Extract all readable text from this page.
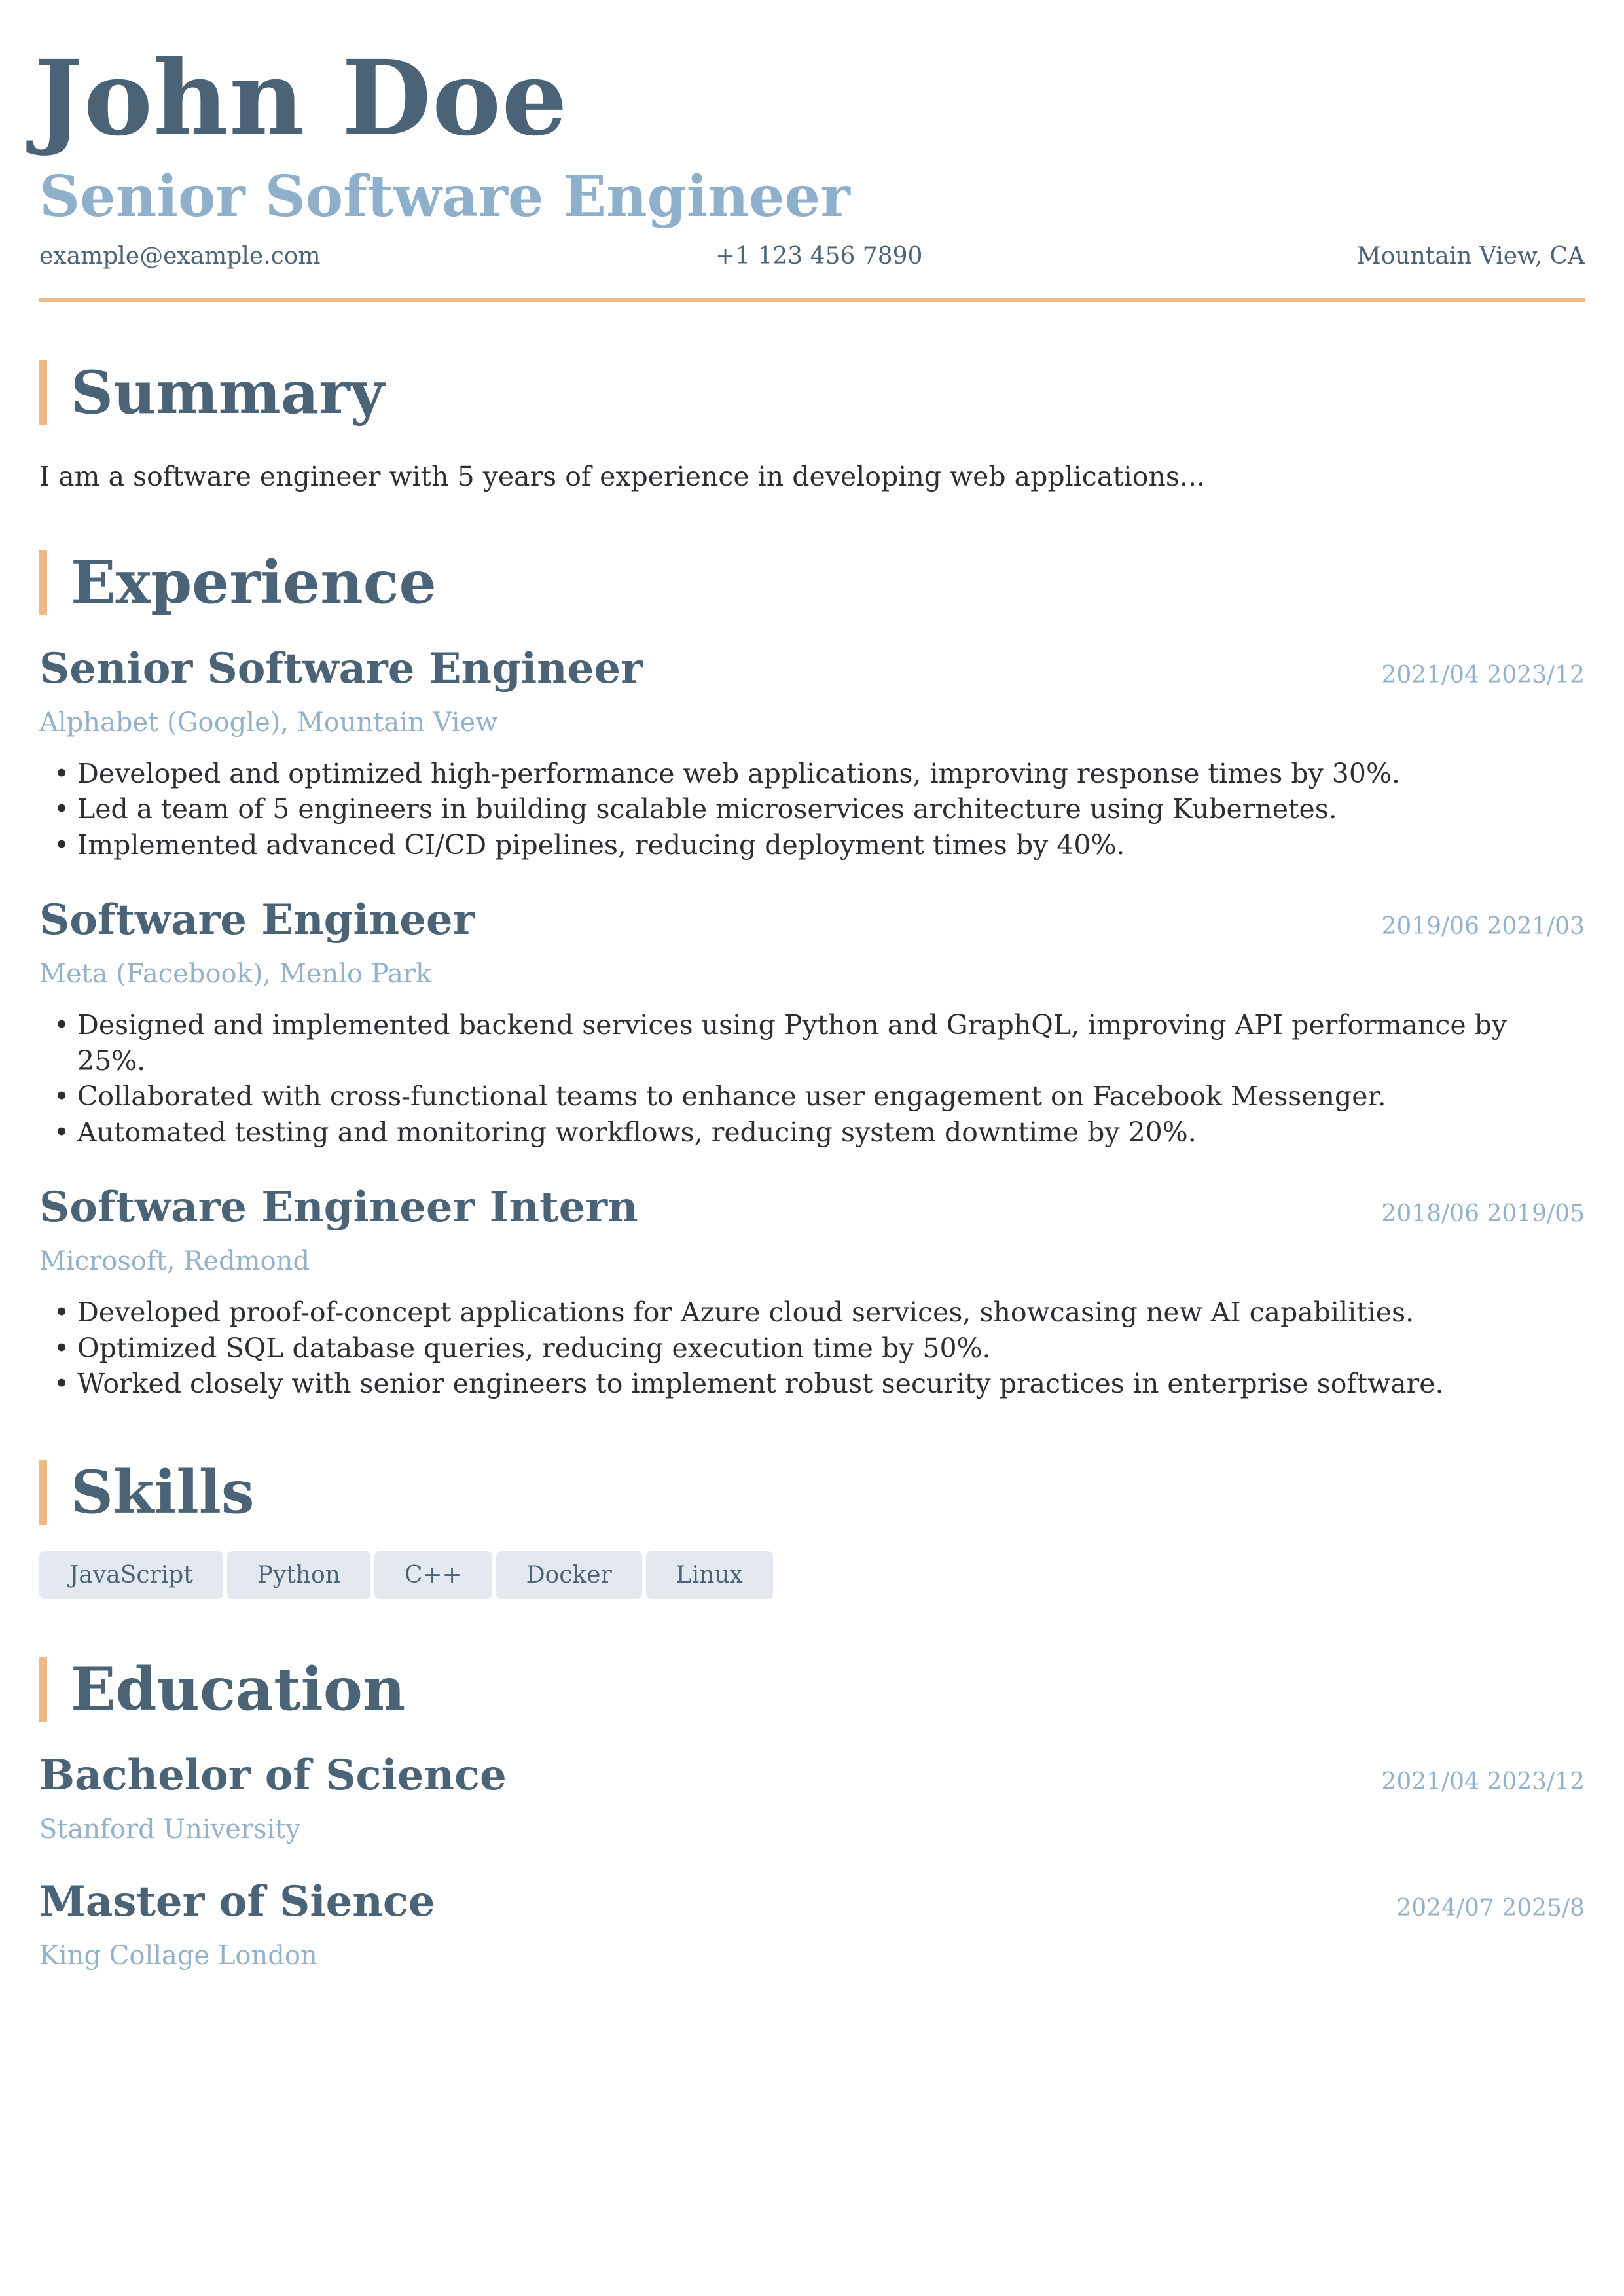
John Doe
Senior Software Engineer
example@example.com	+1 123 456 7890	Mountain View, CA
Summary
I am a software engineer with 5 years of experience in developing web applications...
Experience
Senior Software Engineer	2021/04 2023/12
Alphabet (Google), Mountain View
• Developed and optimized high-performance web applications, improving response times by 30%.
• Led a team of 5 engineers in building scalable microservices architecture using Kubernetes.
• Implemented advanced CI/CD pipelines, reducing deployment times by 40%.
Software Engineer	2019/06 2021/03
Meta (Facebook), Menlo Park
• Designed and implemented backend services using Python and GraphQL, improving API performance by 25%.
• Collaborated with cross-functional teams to enhance user engagement on Facebook Messenger.
• Automated testing and monitoring workflows, reducing system downtime by 20%.
Software Engineer Intern	2018/06 2019/05
Microsoft, Redmond
• Developed proof-of-concept applications for Azure cloud services, showcasing new AI capabilities.
• Optimized SQL database queries, reducing execution time by 50%.
• Worked closely with senior engineers to implement robust security practices in enterprise software.
Skills
JavaScript	Python	C++	Docker	Linux
Education
Bachelor of Science	2021/04 2023/12
Stanford University
Master of Sience	2024/07 2025/8
King Collage London
